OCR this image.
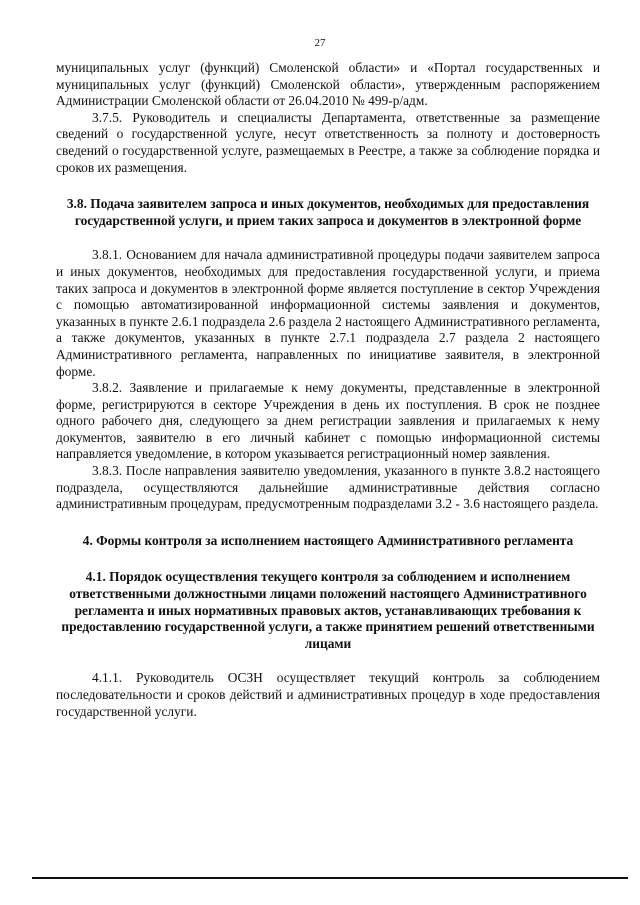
27

муниципальных услуг (функций) Смоленской области» и «Портал государственных и муниципальных услуг (функций) Смоленской области», утвержденным распоряжением Администрации Смоленской области от 26.04.2010 № 499-р/адм.

3.7.5. Руководитель и специалисты Департамента, ответственные за размещение сведений о государственной услуге, несут ответственность за полноту и достоверность сведений о государственной услуге, размещаемых в Реестре, а также за соблюдение порядка и сроков их размещения.

3.8. Подача заявителем запроса и иных документов, необходимых для предоставления государственной услуги, и прием таких запроса и документов в электронной форме

3.8.1. Основанием для начала административной процедуры подачи заявителем запроса и иных документов, необходимых для предоставления государственной услуги, и приема таких запроса и документов в электронной форме является поступление в сектор Учреждения с помощью автоматизированной информационной системы заявления и документов, указанных в пункте 2.6.1 подраздела 2.6 раздела 2 настоящего Административного регламента, а также документов, указанных в пункте 2.7.1 подраздела 2.7 раздела 2 настоящего Административного регламента, направленных по инициативе заявителя, в электронной форме.

3.8.2. Заявление и прилагаемые к нему документы, представленные в электронной форме, регистрируются в секторе Учреждения в день их поступления. В срок не позднее одного рабочего дня, следующего за днем регистрации заявления и прилагаемых к нему документов, заявителю в его личный кабинет с помощью информационной системы направляется уведомление, в котором указывается регистрационный номер заявления.

3.8.3. После направления заявителю уведомления, указанного в пункте 3.8.2 настоящего подраздела, осуществляются дальнейшие административные действия согласно административным процедурам, предусмотренным подразделами 3.2 - 3.6 настоящего раздела.

4. Формы контроля за исполнением настоящего Административного регламента

4.1. Порядок осуществления текущего контроля за соблюдением и исполнением ответственными должностными лицами положений настоящего Административного регламента и иных нормативных правовых актов, устанавливающих требования к предоставлению государственной услуги, а также принятием решений ответственными лицами

4.1.1. Руководитель ОСЗН осуществляет текущий контроль за соблюдением последовательности и сроков действий и административных процедур в ходе предоставления государственной услуги.
